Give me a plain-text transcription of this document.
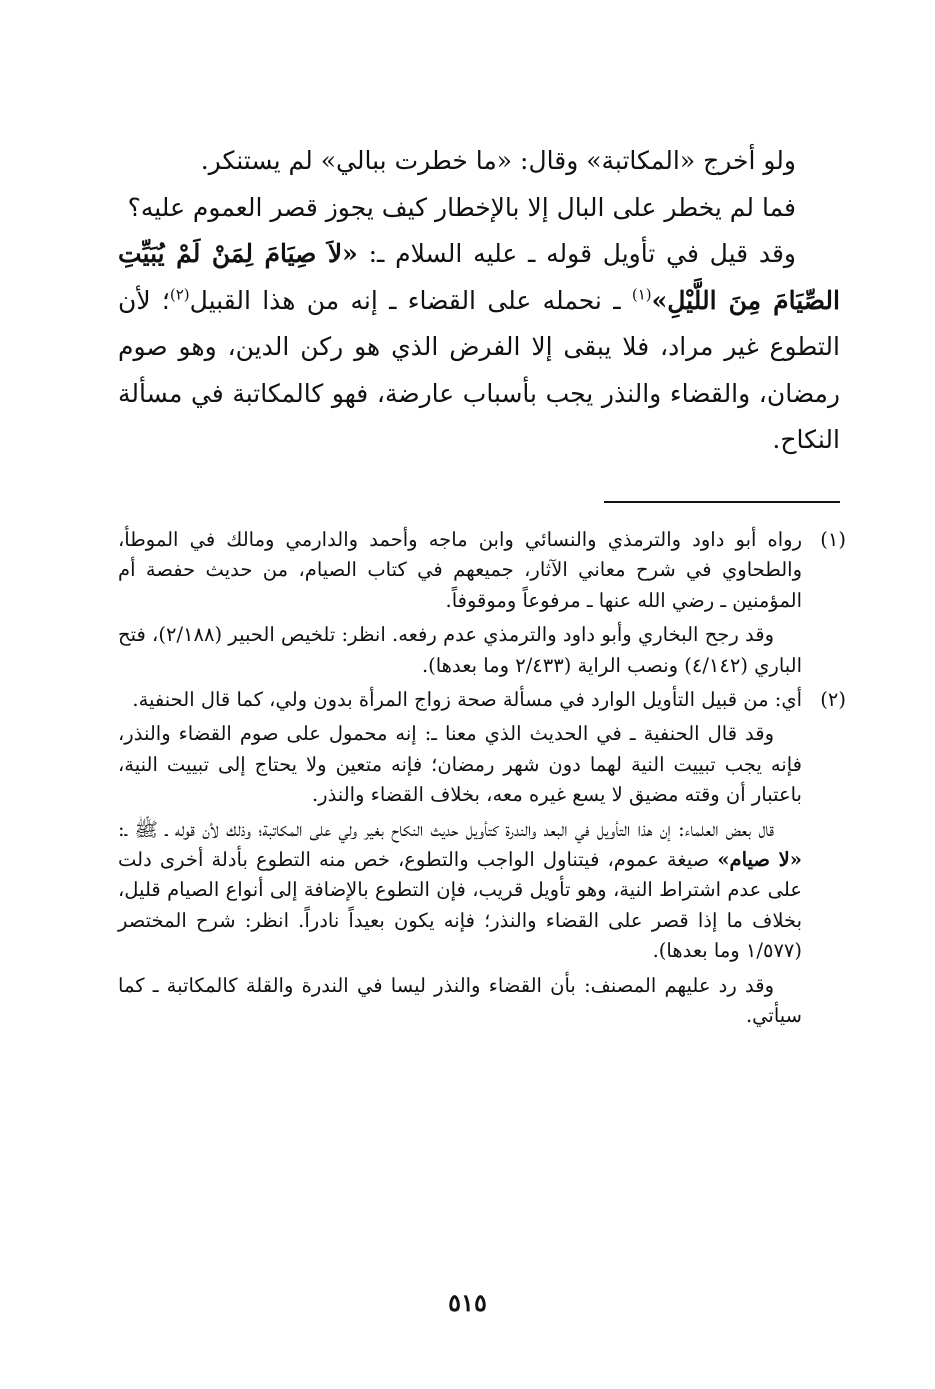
ولو أخرج «المكاتبة» وقال: «ما خطرت ببالي» لم يستنكر.

فما لم يخطر على البال إلا بالإخطار كيف يجوز قصر العموم عليه؟

وقد قيل في تأويل قوله ـ عليه السلام ـ: «لاَ صِيَامَ لِمَنْ لَمْ يُبَيِّتِ الصِّيَامَ مِنَ اللَّيْلِ»$^{(١)}$ ـ نحمله على القضاء ـ إنه من هذا القبيل$^{(٢)}$؛ لأن التطوع غير مراد، فلا يبقى إلا الفرض الذي هو ركن الدين، وهو صوم رمضان، والقضاء والنذر يجب بأسباب عارضة، فهو كالمكاتبة في مسألة النكاح.

(١)رواه أبو داود والترمذي والنسائي وابن ماجه وأحمد والدارمي ومالك في الموطأ، والطحاوي في شرح معاني الآثار، جميعهم في كتاب الصيام، من حديث حفصة أم المؤمنين ـ رضي الله عنها ـ مرفوعاً وموقوفاً.

وقد رجح البخاري وأبو داود والترمذي عدم رفعه. انظر: تلخيص الحبير (٢/١٨٨)، فتح الباري (٤/١٤٢) ونصب الراية (٢/٤٣٣ وما بعدها).

(٢)أي: من قبيل التأويل الوارد في مسألة صحة زواج المرأة بدون ولي، كما قال الحنفية.

وقد قال الحنفية ـ في الحديث الذي معنا ـ: إنه محمول على صوم القضاء والنذر، فإنه يجب تبييت النية لهما دون شهر رمضان؛ فإنه متعين ولا يحتاج إلى تبييت النية، باعتبار أن وقته مضيق لا يسع غيره معه، بخلاف القضاء والنذر.

قال بعض العلماء: إن هذا التأويل في البعد والندرة كتأويل حديث النكاح بغير ولي على المكاتبة؛ وذلك لأن قوله ـ ﷺ ـ: «لا صيام» صيغة عموم، فيتناول الواجب والتطوع، خص منه التطوع بأدلة أخرى دلت على عدم اشتراط النية، وهو تأويل قريب، فإن التطوع بالإضافة إلى أنواع الصيام قليل، بخلاف ما إذا قصر على القضاء والنذر؛ فإنه يكون بعيداً نادراً. انظر: شرح المختصر (١/٥٧٧ وما بعدها).

وقد رد عليهم المصنف: بأن القضاء والنذر ليسا في الندرة والقلة كالمكاتبة ـ كما سيأتي.

٥١٥
